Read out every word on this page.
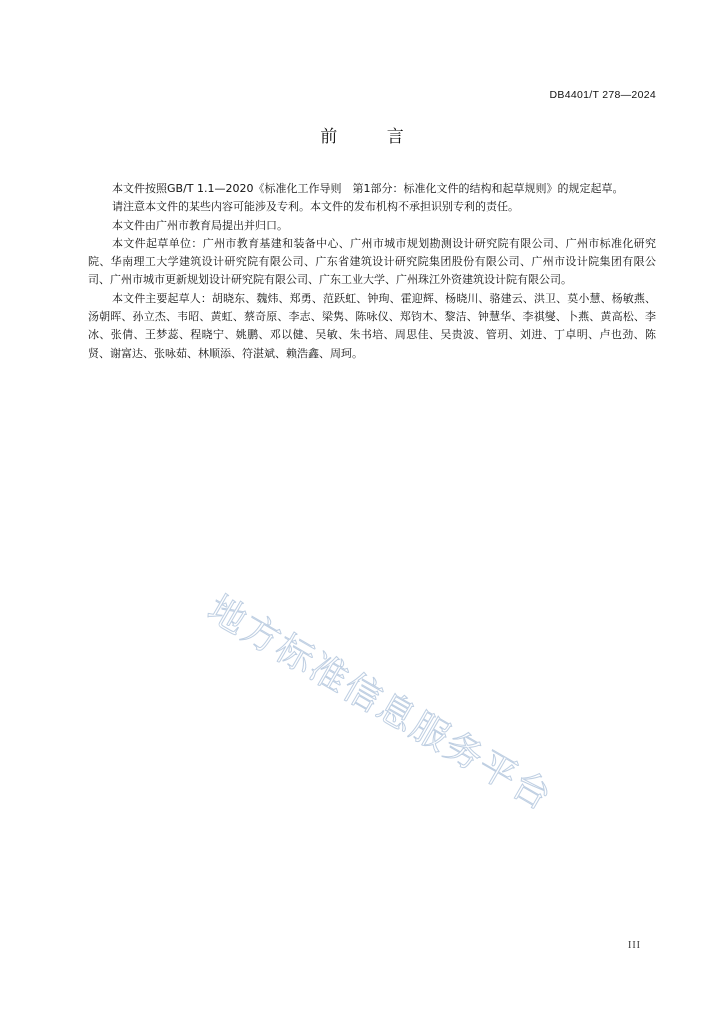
DB4401/T 278—2024
前 言

本文件按照GB/T 1.1—2020《标准化工作导则　第1部分：标准化文件的结构和起草规则》的规定起草。

请注意本文件的某些内容可能涉及专利。本文件的发布机构不承担识别专利的责任。

本文件由广州市教育局提出并归口。

本文件起草单位：广州市教育基建和装备中心、广州市城市规划勘测设计研究院有限公司、广州市标准化研究院、华南理工大学建筑设计研究院有限公司、广东省建筑设计研究院集团股份有限公司、广州市设计院集团有限公司、广州市城市更新规划设计研究院有限公司、广东工业大学、广州珠江外资建筑设计院有限公司。

本文件主要起草人：胡晓东、魏炜、郑勇、范跃虹、钟珣、霍迎辉、杨晓川、骆建云、洪卫、莫小慧、杨敏燕、汤朝晖、孙立杰、韦昭、黄虹、蔡奇原、李志、梁隽、陈咏仪、郑钧木、黎洁、钟慧华、李祺燮、卜燕、黄高松、李冰、张倩、王梦蕊、程晓宁、姚鹏、邓以健、吴敏、朱书培、周思佳、吴贵波、管玥、刘进、丁卓明、卢也劲、陈贤、谢富达、张咏茹、林顺添、符湛斌、赖浩鑫、周珂。

地方标准信息服务平台
III
